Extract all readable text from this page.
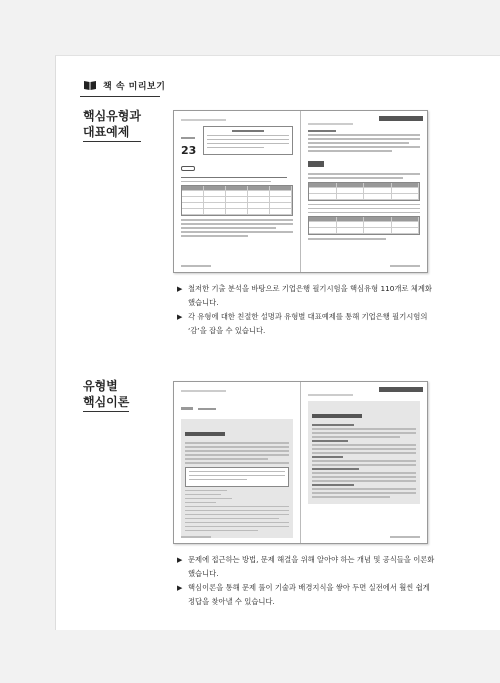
책 속 미리보기
핵심유형과
대표예제
23
▶ 철저한 기출 분석을 바탕으로 기업은행 필기시험을 핵심유형 110개로 체계화했습니다.
▶ 각 유형에 대한 친절한 설명과 유형별 대표예제를 통해 기업은행 필기시험의 ‘감’을 잡을 수 있습니다.
유형별
핵심이론

▶ 문제에 접근하는 방법, 문제 해결을 위해 알아야 하는 개념 및 공식들을 이론화했습니다.
▶ 핵심이론을 통해 문제 풀이 기술과 배경지식을 쌓아 두면 실전에서 훨씬 쉽게 정답을 찾아낼 수 있습니다.
